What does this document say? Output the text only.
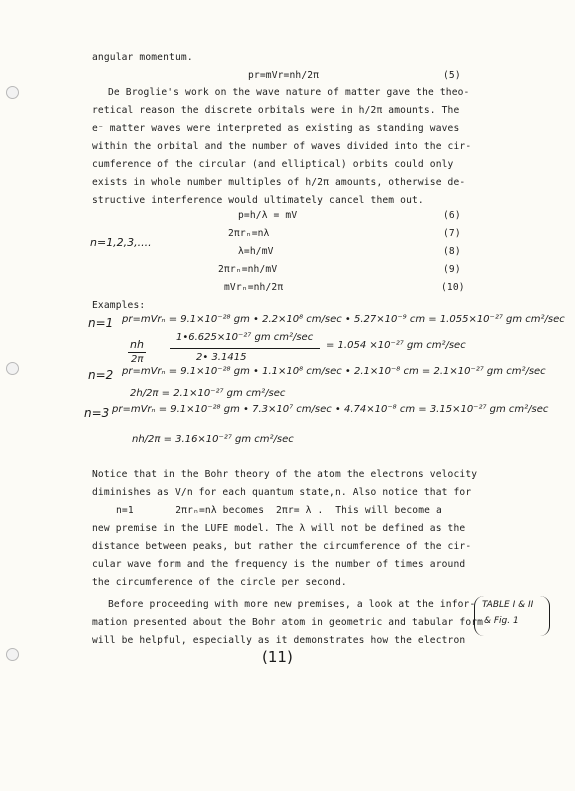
angular momentum.
pr=mVr=nh/2π	(5)
De Broglie's work on the wave nature of matter gave the theo-
retical reason the discrete orbitals were in h/2π amounts. The
e⁻ matter waves were interpreted as existing as standing waves
within the orbital and the number of waves divided into the cir-
cumference of the circular (and elliptical) orbits could only
exists in whole number multiples of h/2π amounts, otherwise de-
structive interference would ultimately cancel them out.
n=1,2,3,....
p=h/λ = mV	(6)
2πrₙ=nλ	(7)
λ=h/mV	(8)
2πrₙ=nh/mV	(9)
mVrₙ=nh/2π	(10)
Examples:
n=1 pr=mVrₙ = 9.1×10⁻²⁸ gm • 2.2×10⁸ cm/sec • 5.27×10⁻⁹ cm = 1.055×10⁻²⁷ gm cm²/sec
nh
2π
1•6.625×10⁻²⁷ gm cm²/sec
2• 3.1415
= 1.054 ×10⁻²⁷ gm cm²/sec
n=2 pr=mVrₙ = 9.1×10⁻²⁸ gm • 1.1×10⁸ cm/sec • 2.1×10⁻⁸ cm = 2.1×10⁻²⁷ gm cm²/sec
2h/2π = 2.1×10⁻²⁷ gm cm²/sec
n=3 pr=mVrₙ = 9.1×10⁻²⁸ gm • 7.3×10⁷ cm/sec • 4.74×10⁻⁸ cm = 3.15×10⁻²⁷ gm cm²/sec
nh/2π = 3.16×10⁻²⁷ gm cm²/sec
Notice that in the Bohr theory of the atom the electrons velocity
diminishes as V/n for each quantum state,n. Also notice that for
n=1       2πrₙ=nλ becomes  2πr= λ .  This will become a
new premise in the LUFE model. The λ will not be defined as the
distance between peaks, but rather the circumference of the cir-
cular wave form and the frequency is the number of times around
the circumference of the circle per second.
Before proceeding with more new premises, a look at the infor-
mation presented about the Bohr atom in geometric and tabular form
will be helpful, especially as it demonstrates how the electron
TABLE I & II
& Fig. 1
(11)
